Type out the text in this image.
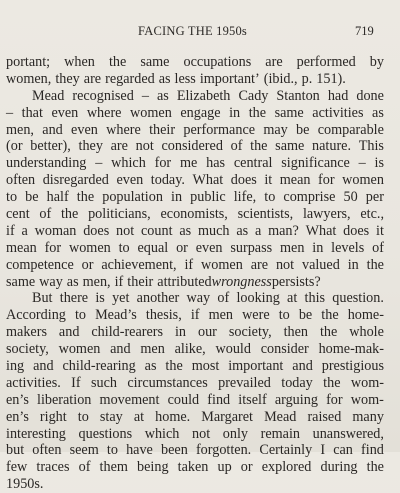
FACING THE 1950s	719
portant; when the same occupations are performed by
women, they are regarded as less important’ (ibid., p. 151).
Mead recognised – as Elizabeth Cady Stanton had done
– that even where women engage in the same activities as
men, and even where their performance may be comparable
(or better), they are not considered of the same nature. This
understanding – which for me has central significance – is
often disregarded even today. What does it mean for women
to be half the population in public life, to comprise 50 per
cent of the politicians, economists, scientists, lawyers, etc.,
if a woman does not count as much as a man? What does it
mean for women to equal or even surpass men in levels of
competence or achievement, if women are not valued in the
same way as men, if their attributed wrongness persists?
But there is yet another way of looking at this question.
According to Mead’s thesis, if men were to be the home-
makers and child-rearers in our society, then the whole
society, women and men alike, would consider home-mak-
ing and child-rearing as the most important and prestigious
activities. If such circumstances prevailed today the wom-
en’s liberation movement could find itself arguing for wom-
en’s right to stay at home. Margaret Mead raised many
interesting questions which not only remain unanswered,
but often seem to have been forgotten. Certainly I can find
few traces of them being taken up or explored during the
1950s.
